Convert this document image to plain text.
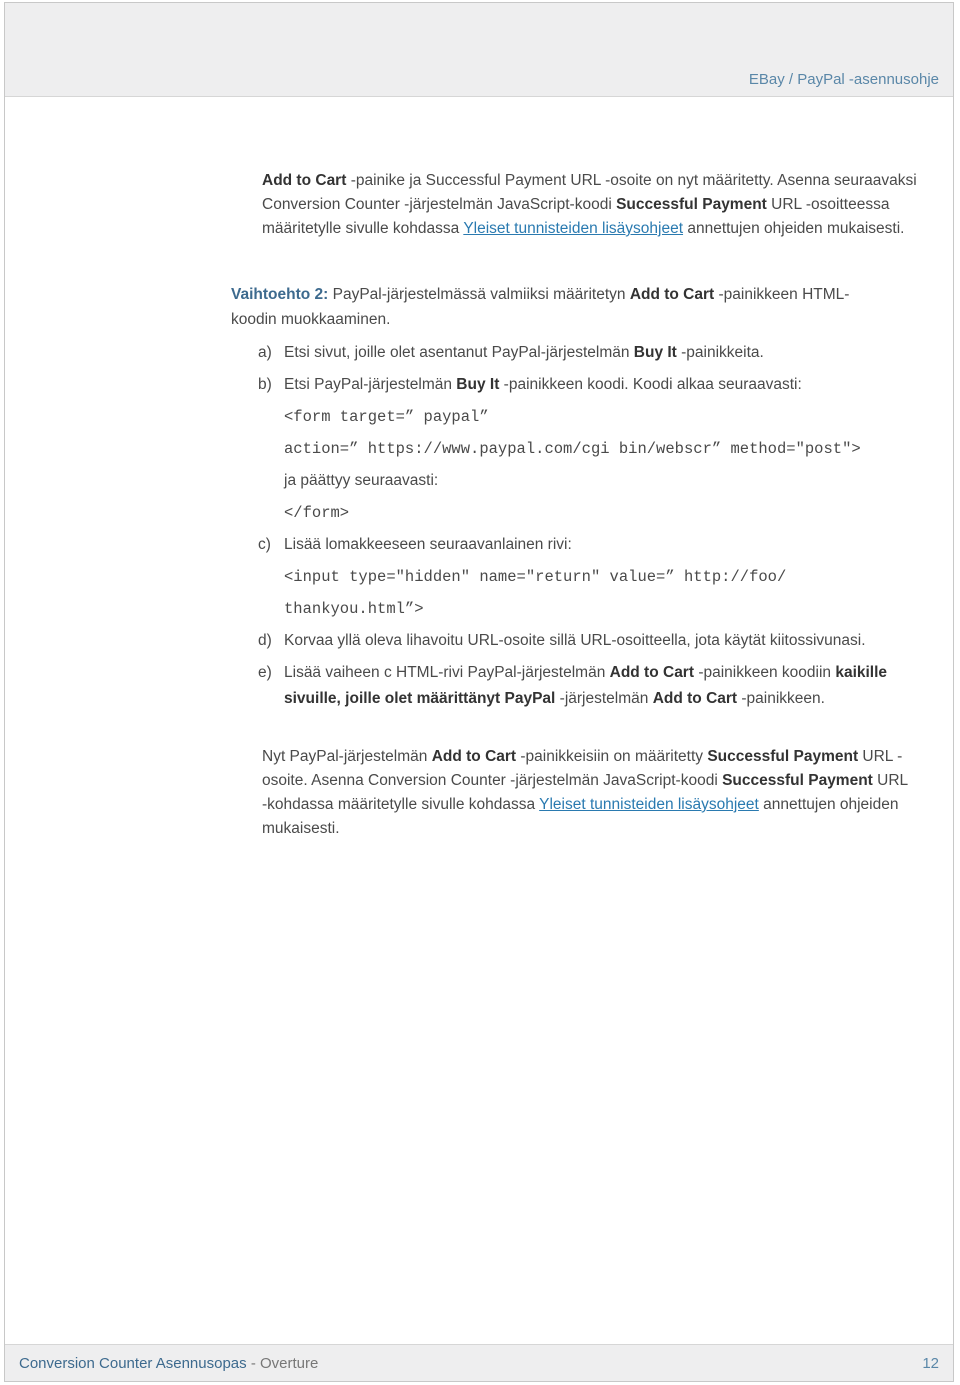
EBay / PayPal -asennusohje
Conversion Counter Asennusopas - Overture	12
Add to Cart -painike ja Successful Payment URL -osoite on nyt määritetty. Asenna seuraavaksi Conversion Counter -järjestelmän JavaScript-koodi Successful Payment URL -osoitteessa määritetylle sivulle kohdassa Yleiset tunnisteiden lisäysohjeet annettujen ohjeiden mukaisesti.
Vaihtoehto 2: PayPal-järjestelmässä valmiiksi määritetyn Add to Cart -painikkeen HTML-koodin muokkaaminen.
a) Etsi sivut, joille olet asentanut PayPal-järjestelmän Buy It -painikkeita.
b) Etsi PayPal-järjestelmän Buy It -painikkeen koodi. Koodi alkaa seuraavasti:
<form target=” paypal”
action=” https://www.paypal.com/cgi bin/webscr” method="post">
ja päättyy seuraavasti:
</form>
c) Lisää lomakkeeseen seuraavanlainen rivi:
<input type="hidden" name="return" value=” http://foo/
thankyou.html”>
d) Korvaa yllä oleva lihavoitu URL-osoite sillä URL-osoitteella, jota käytät kiitossivunasi.
e) Lisää vaiheen c HTML-rivi PayPal-järjestelmän Add to Cart -painikkeen koodiin kaikille sivuille, joille olet määrittänyt PayPal -järjestelmän Add to Cart -painikkeen.
Nyt PayPal-järjestelmän Add to Cart -painikkeisiin on määritetty Successful Payment URL -osoite. Asenna Conversion Counter -järjestelmän JavaScript-koodi Successful Payment URL -kohdassa määritetylle sivulle kohdassa Yleiset tunnisteiden lisäysohjeet annettujen ohjeiden mukaisesti.
